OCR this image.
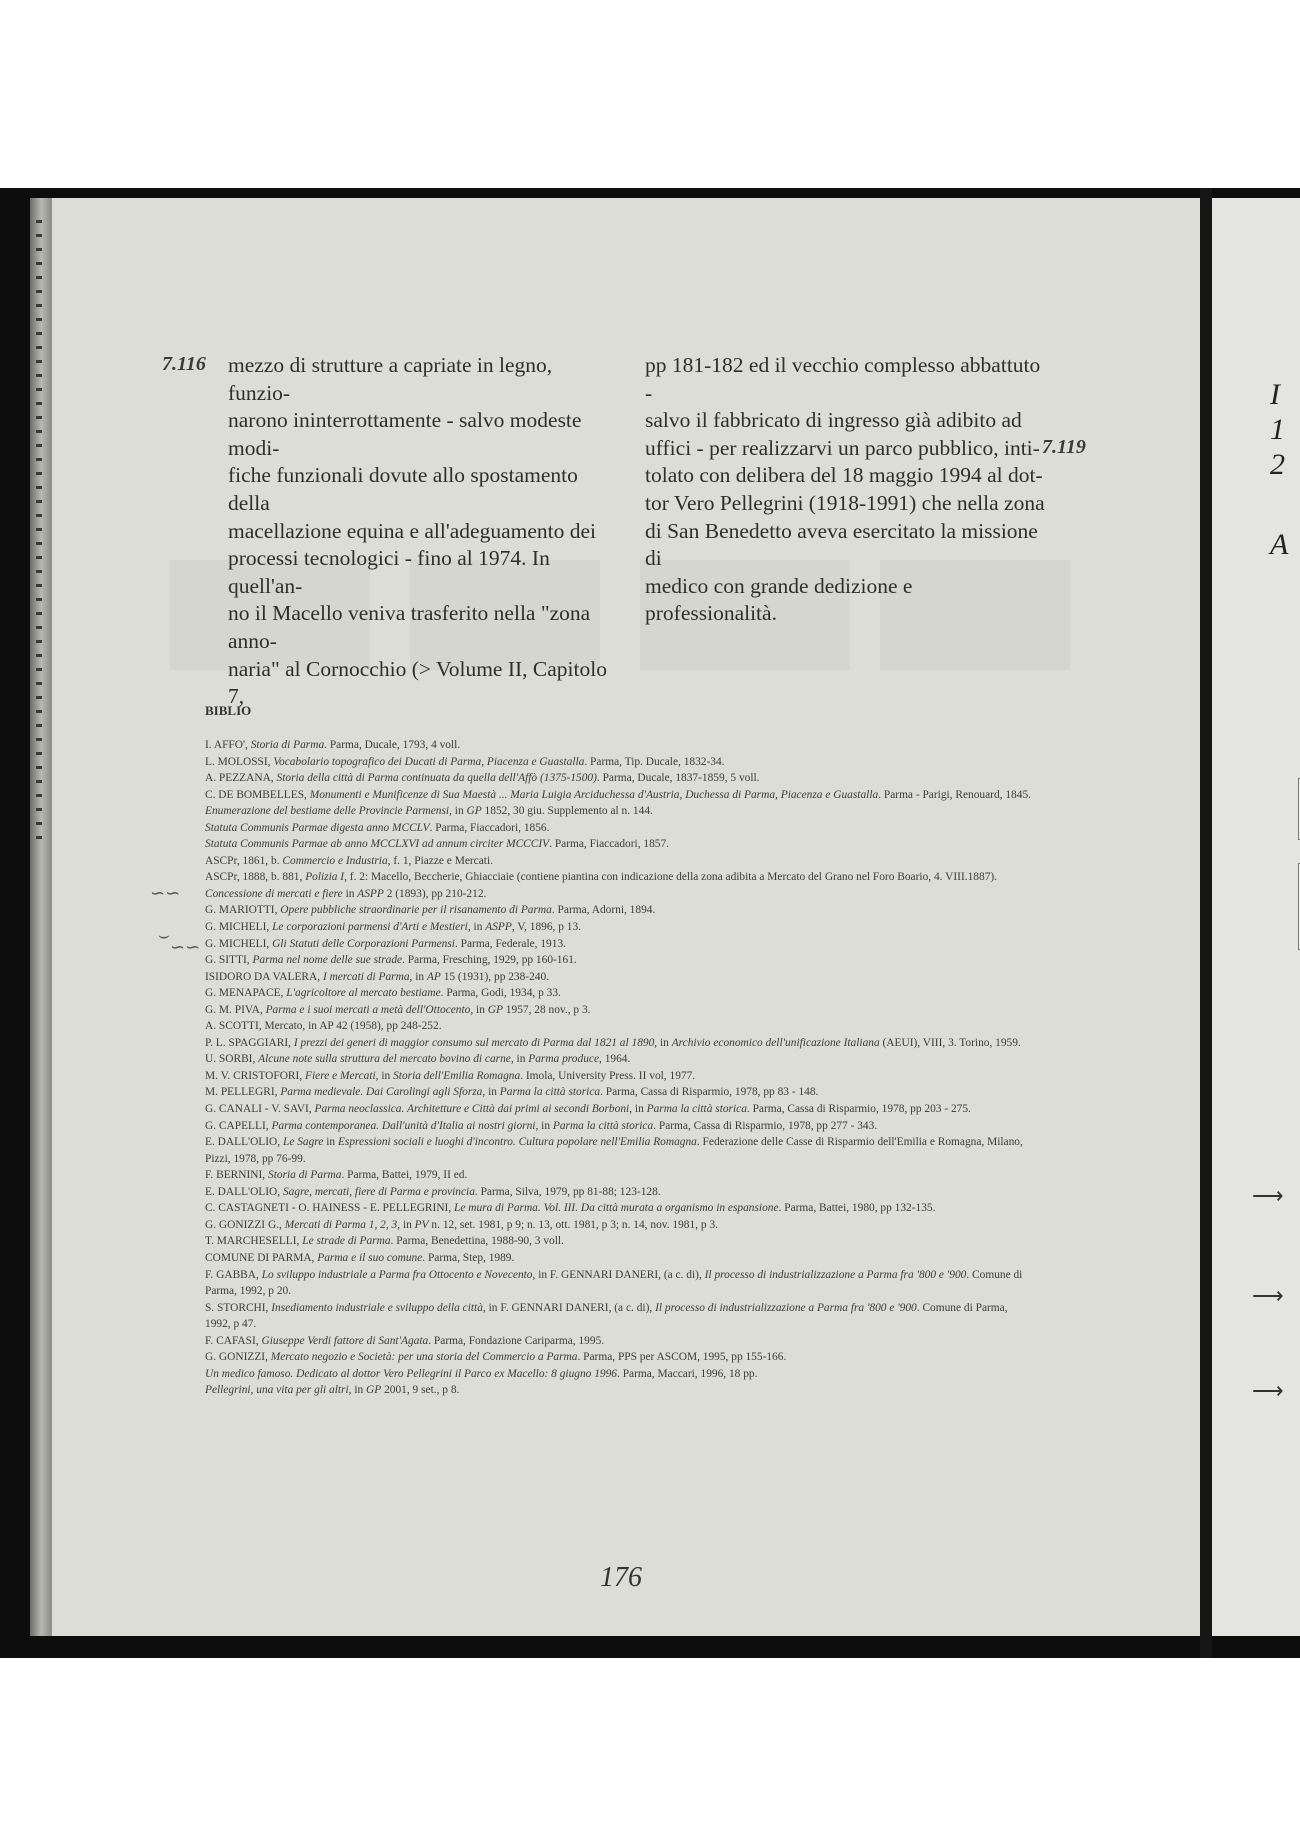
I
1
2
A
⟶
⟶
⟶
7.116
7.119

mezzo di strutture a capriate in legno, funzio-

narono ininterrottamente - salvo modeste modi-

fiche funzionali dovute allo spostamento della

macellazione equina e all'adeguamento dei

processi tecnologici - fino al 1974. In quell'an-

no il Macello veniva trasferito nella "zona anno-

naria" al Cornocchio (> Volume II, Capitolo 7,

pp 181-182 ed il vecchio complesso abbattuto -

salvo il fabbricato di ingresso già adibito ad

uffici - per realizzarvi un parco pubblico, inti-

tolato con delibera del 18 maggio 1994 al dot-

tor Vero Pellegrini (1918-1991) che nella zona

di San Benedetto aveva esercitato la missione di

medico con grande dedizione e professionalità.

BIBLIO

I. AFFO', Storia di Parma. Parma, Ducale, 1793, 4 voll.

L. MOLOSSI, Vocabolario topografico dei Ducati di Parma, Piacenza e Guastalla. Parma, Tip. Ducale, 1832-34.

A. PEZZANA, Storia della città di Parma continuata da quella dell'Affò (1375-1500). Parma, Ducale, 1837-1859, 5 voll.

C. DE BOMBELLES, Monumenti e Munificenze di Sua Maestà ... Maria Luigia Arciduchessa d'Austria, Duchessa di Parma, Piacenza e Guastalla. Parma - Parigi, Renouard, 1845.

Enumerazione del bestiame delle Provincie Parmensi, in GP 1852, 30 giu. Supplemento al n. 144.

Statuta Communis Parmae digesta anno MCCLV. Parma, Fiaccadori, 1856.

Statuta Communis Parmae ab anno MCCLXVI ad annum circiter MCCCIV. Parma, Fiaccadori, 1857.

ASCPr, 1861, b. Commercio e Industria, f. 1, Piazze e Mercati.

ASCPr, 1888, b. 881, Polizia I, f. 2: Macello, Beccherie, Ghiacciaie (contiene piantina con indicazione della zona adibita a Mercato del Grano nel Foro Boario, 4. VIII.1887).

Concessione di mercati e fiere in ASPP 2 (1893), pp 210-212.

G. MARIOTTI, Opere pubbliche straordinarie per il risanamento di Parma. Parma, Adorni, 1894.

G. MICHELI, Le corporazioni parmensi d'Arti e Mestieri, in ASPP, V, 1896, p 13.

G. MICHELI, Gli Statuti delle Corporazioni Parmensi. Parma, Federale, 1913.

G. SITTI, Parma nel nome delle sue strade. Parma, Fresching, 1929, pp 160-161.

ISIDORO DA VALERA, I mercati di Parma, in AP 15 (1931), pp 238-240.

G. MENAPACE, L'agricoltore al mercato bestiame. Parma, Godi, 1934, p 33.

G. M. PIVA, Parma e i suoi mercati a metà dell'Ottocento, in GP 1957, 28 nov., p 3.

A. SCOTTI, Mercato, in AP 42 (1958), pp 248-252.

P. L. SPAGGIARI, I prezzi dei generi di maggior consumo sul mercato di Parma dal 1821 al 1890, in Archivio economico dell'unificazione Italiana (AEUI), VIII, 3. Torino, 1959.

U. SORBI, Alcune note sulla struttura del mercato bovino di carne, in Parma produce, 1964.

M. V. CRISTOFORI, Fiere e Mercati, in Storia dell'Emilia Romagna. Imola, University Press. II vol, 1977.

M. PELLEGRI, Parma medievale. Dai Carolingi agli Sforza, in Parma la città storica. Parma, Cassa di Risparmio, 1978, pp 83 - 148.

G. CANALI - V. SAVI, Parma neoclassica. Architetture e Città dai primi ai secondi Borboni, in Parma la città storica. Parma, Cassa di Risparmio, 1978, pp 203 - 275.

G. CAPELLI, Parma contemporanea. Dall'unità d'Italia ai nostri giorni, in Parma la città storica. Parma, Cassa di Risparmio, 1978, pp 277 - 343.

E. DALL'OLIO, Le Sagre in Espressioni sociali e luoghi d'incontro. Cultura popolare nell'Emilia Romagna. Federazione delle Casse di Risparmio dell'Emilia e Romagna, Milano, Pizzi, 1978, pp 76-99.

F. BERNINI, Storia di Parma. Parma, Battei, 1979, II ed.

E. DALL'OLIO, Sagre, mercati, fiere di Parma e provincia. Parma, Silva, 1979, pp 81-88; 123-128.

C. CASTAGNETI - O. HAINESS - E. PELLEGRINI, Le mura di Parma. Vol. III. Da città murata a organismo in espansione. Parma, Battei, 1980, pp 132-135.

G. GONIZZI G., Mercati di Parma 1, 2, 3, in PV n. 12, set. 1981, p 9; n. 13, ott. 1981, p 3; n. 14, nov. 1981, p 3.

T. MARCHESELLI, Le strade di Parma. Parma, Benedettina, 1988-90, 3 voll.

COMUNE DI PARMA, Parma e il suo comune. Parma, Step, 1989.

F. GABBA, Lo sviluppo industriale a Parma fra Ottocento e Novecento, in F. GENNARI DANERI, (a c. di), Il processo di industrializzazione a Parma fra '800 e '900. Comune di Parma, 1992, p 20.

S. STORCHI, Insediamento industriale e sviluppo della città, in F. GENNARI DANERI, (a c. di), Il processo di industrializzazione a Parma fra '800 e '900. Comune di Parma, 1992, p 47.

F. CAFASI, Giuseppe Verdi fattore di Sant'Agata. Parma, Fondazione Cariparma, 1995.

G. GONIZZI, Mercato negozio e Società: per una storia del Commercio a Parma. Parma, PPS per ASCOM, 1995, pp 155-166.

Un medico famoso. Dedicato al dottor Vero Pellegrini il Parco ex Macello: 8 giugno 1996. Parma, Maccari, 1996, 18 pp.

Pellegrini, una vita per gli altri, in GP 2001, 9 set., p 8.

∽∽
⌣
∽∽
176
